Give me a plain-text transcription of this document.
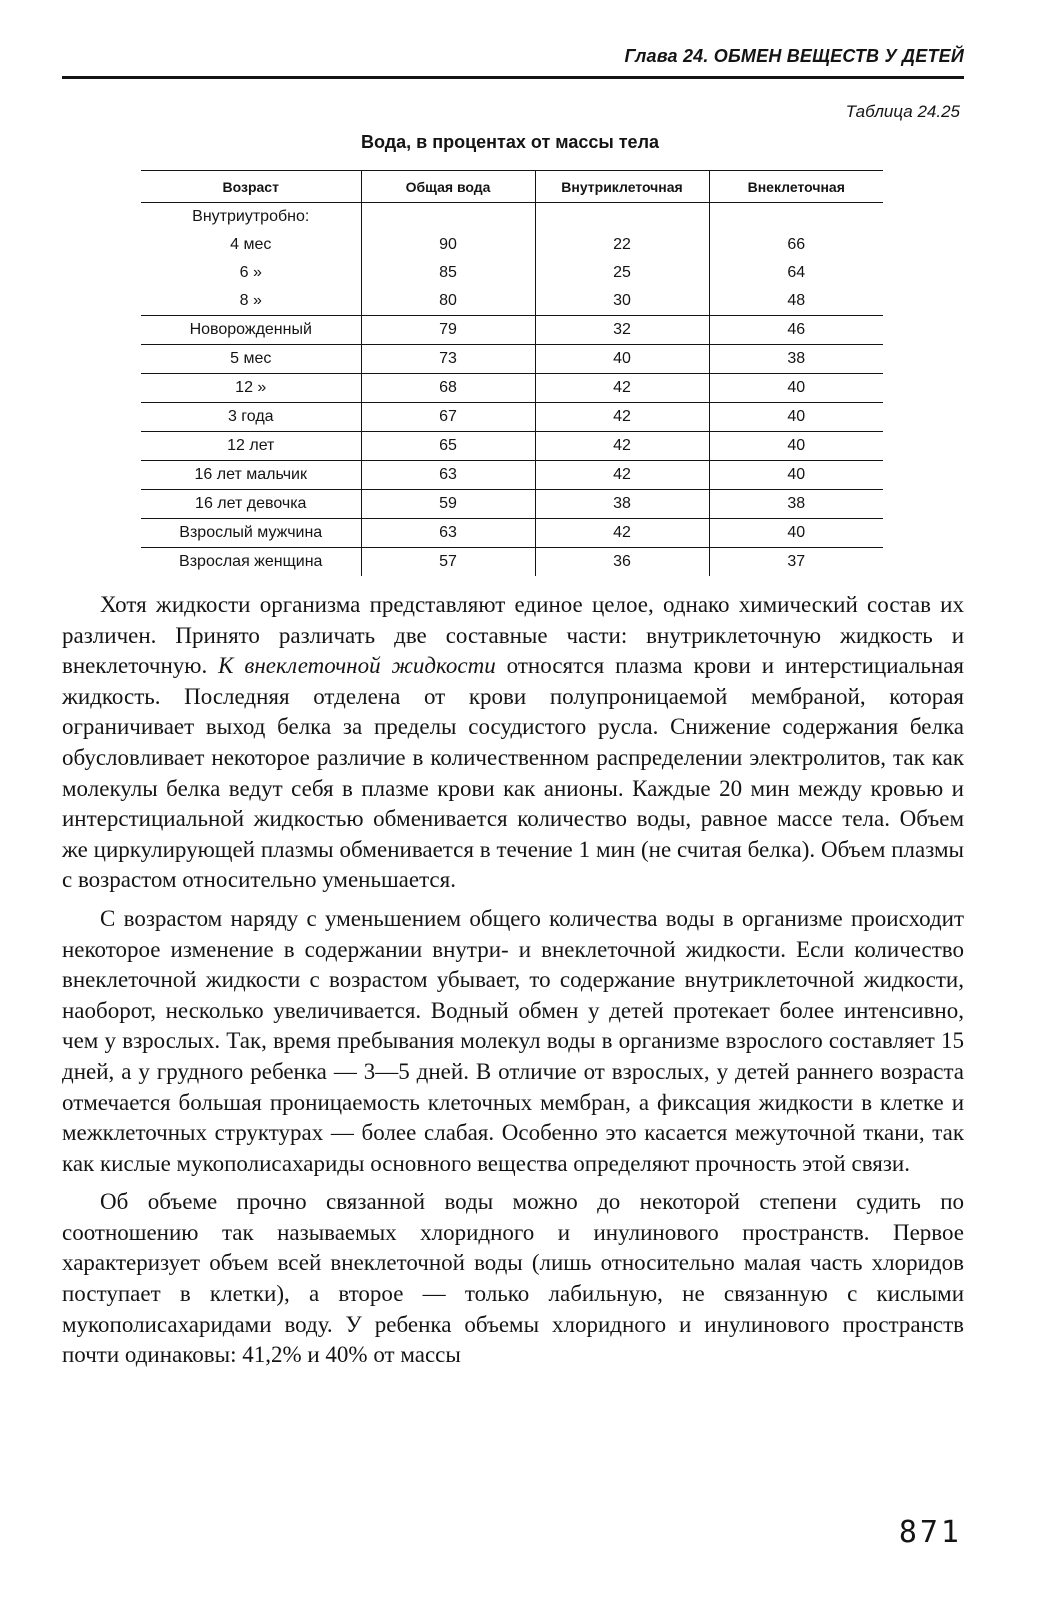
Глава 24. ОБМЕН ВЕЩЕСТВ У ДЕТЕЙ
Таблица 24.25
Вода, в процентах от массы тела
Возраст	Общая вода	Внутриклеточная	Внеклеточная
Внутриутробно:			
4 мес	90	22	66
6 »	85	25	64
8 »	80	30	48
Новорожденный	79	32	46
5 мес	73	40	38
12 »	68	42	40
3 года	67	42	40
12 лет	65	42	40
16 лет мальчик	63	42	40
16 лет девочка	59	38	38
Взрослый мужчина	63	42	40
Взрослая женщина	57	36	37

Хотя жидкости организма представляют единое целое, однако химический состав их различен. Принято различать две составные части: внутриклеточную жидкость и внеклеточную. К внеклеточной жидкости относятся плазма крови и интерстициальная жидкость. Последняя отделена от крови полупроницаемой мембраной, которая ограничивает выход белка за пределы сосудистого русла. Снижение содержания белка обусловливает некоторое различие в количественном распределении электролитов, так как молекулы белка ведут себя в плазме крови как анионы. Каждые 20 мин между кровью и интерстициальной жидкостью обменивается количество воды, равное массе тела. Объем же циркулирующей плазмы обменивается в течение 1 мин (не считая белка). Объем плазмы с возрастом относительно уменьшается.

С возрастом наряду с уменьшением общего количества воды в организме происходит некоторое изменение в содержании внутри- и внеклеточной жидкости. Если количество внеклеточной жидкости с возрастом убывает, то содержание внутриклеточной жидкости, наоборот, несколько увеличивается. Водный обмен у детей протекает более интенсивно, чем у взрослых. Так, время пребывания молекул воды в организме взрослого составляет 15 дней, а у грудного ребенка — 3—5 дней. В отличие от взрослых, у детей раннего возраста отмечается большая проницаемость клеточных мембран, а фиксация жидкости в клетке и межклеточных структурах — более слабая. Особенно это касается межуточной ткани, так как кислые мукополисахариды основного вещества определяют прочность этой связи.

Об объеме прочно связанной воды можно до некоторой степени судить по соотношению так называемых хлоридного и инулинового пространств. Первое характеризует объем всей внеклеточной воды (лишь относительно малая часть хлоридов поступает в клетки), а второе — только лабильную, не связанную с кислыми мукополисахаридами воду. У ребенка объемы хлоридного и инулинового пространств почти одинаковы: 41,2% и 40% от массы

871
